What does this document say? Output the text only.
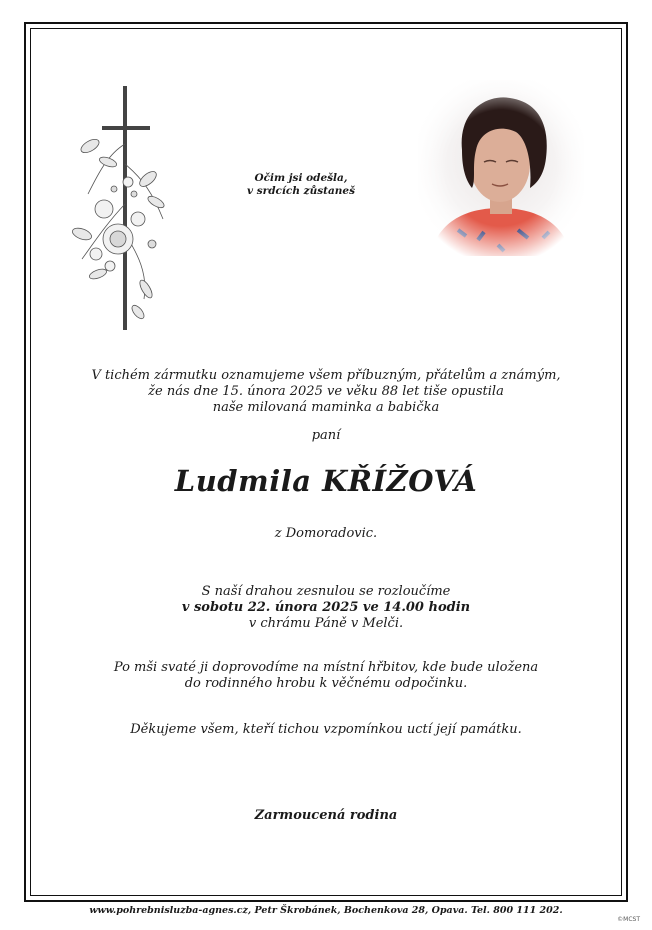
Očim jsi odešla,
v srdcích zůstaneš
V tichém zármutku oznamujeme všem příbuzným, přátelům a známým,
že nás dne 15. února 2025 ve věku 88 let tiše opustila
naše milovaná maminka a babička
paní
Ludmila KŘÍŽOVÁ
z Domoradovic.
S naší drahou zesnulou se rozloučíme
v sobotu 22. února 2025 ve 14.00 hodin
v chrámu Páně v Melči.
Po mši svaté ji doprovodíme na místní hřbitov, kde bude uložena
do rodinného hrobu k věčnému odpočinku.
Děkujeme všem, kteří tichou vzpomínkou uctí její památku.
Zarmoucená rodina
www.pohrebnisluzba-agnes.cz, Petr Škrobánek, Bochenkova 28, Opava. Tel. 800 111 202.
©MCST
